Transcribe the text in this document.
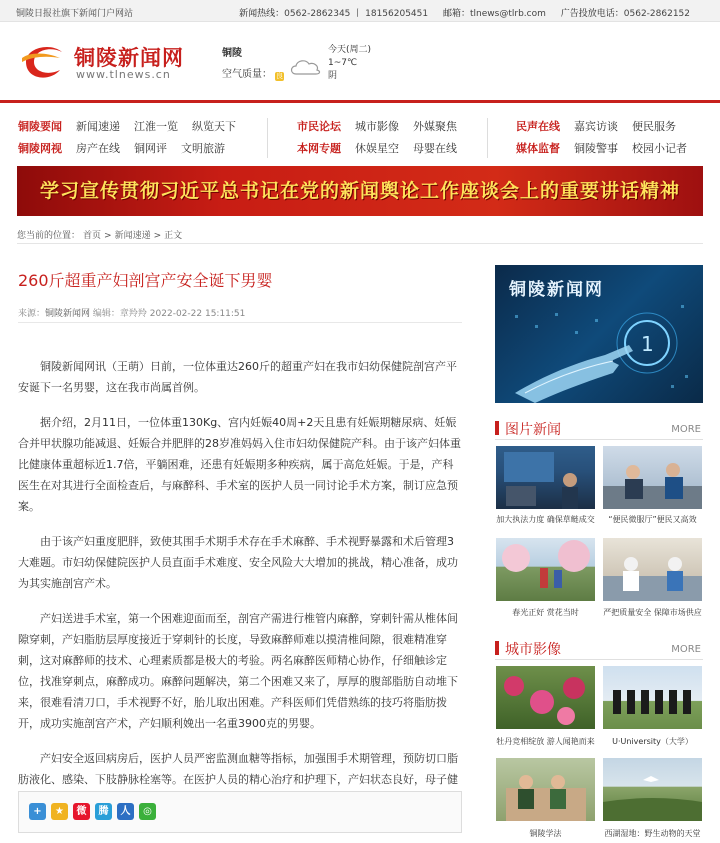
铜陵日报社旗下新闻门户网站	新闻热线：0562-2862345 丨 18156205451 邮箱：tlnews@tlrb.com 广告投放电话：0562-2862152
铜陵新闻网
www.tlnews.cn
铜陵
空气质量： 良
今天(周二)
1~7℃
阴
铜陵要闻 新闻速递 江淮一览 纵览天下
铜陵网视 房产在线 铜网评 文明旅游
市民论坛 城市影像 外媒聚焦
本网专题 休娱星空 母婴在线
民声在线 嘉宾访谈 便民服务
媒体监督 铜陵警事 校园小记者
学习宣传贯彻习近平总书记在党的新闻舆论工作座谈会上的重要讲话精神
您当前的位置： 首页 > 新闻速递 > 正文
260斤超重产妇剖宫产安全诞下男婴
来源：铜陵新闻网 编辑：章羚羚 2022-02-22 15:11:51

铜陵新闻网讯（王萌）日前，一位体重达260斤的超重产妇在我市妇幼保健院剖宫产平安诞下一名男婴，这在我市尚属首例。

据介绍，2月11日，一位体重130Kg、宫内妊娠40周+2天且患有妊娠期糖尿病、妊娠合并甲状腺功能减退、妊娠合并肥胖的28岁准妈妈入住市妇幼保健院产科。由于该产妇体重比健康体重超标近1.7倍，平躺困难，还患有妊娠期多种疾病，属于高危妊娠。于是，产科医生在对其进行全面检查后，与麻醉科、手术室的医护人员一同讨论手术方案，制订应急预案。

由于该产妇重度肥胖，致使其围手术期手术存在手术麻醉、手术视野暴露和术后管理3大难题。市妇幼保健院医护人员直面手术难度、安全风险大大增加的挑战，精心准备，成功为其实施剖宫产术。

产妇送进手术室，第一个困难迎面而至，剖宫产需进行椎管内麻醉，穿刺针需从椎体间隙穿刺，产妇脂肪层厚度接近于穿刺针的长度，导致麻醉师难以摸清椎间隙，很难精准穿刺，这对麻醉师的技术、心理素质都是极大的考验。两名麻醉医师精心协作，仔细触诊定位，找准穿刺点，麻醉成功。麻醉问题解决，第二个困难又来了，厚厚的腹部脂肪自动堆下来，很难看清刀口，手术视野不好，胎儿取出困难。产科医师们凭借熟练的技巧将脂肪拨开，成功实施剖宫产术，产妇顺利娩出一名重3900克的男婴。

产妇安全返回病房后，医护人员严密监测血糖等指标，加强围手术期管理，预防切口脂肪液化、感染、下肢静脉栓塞等。在医护人员的精心治疗和护理下，产妇状态良好，母子健

+	★	微	腾	人	◎
铜陵新闻网
1
图片新闻	MORE
加大执法力度 确保草鲢成交	“便民微服厅”便民又高效
春光正好 赏花当时	严把质量安全 保障市场供应
城市影像	MORE
牡丹竞相绽放 游人闻艳而来	U·University（大学）
铜陵学法	西湖湿地：野生动物的天堂
